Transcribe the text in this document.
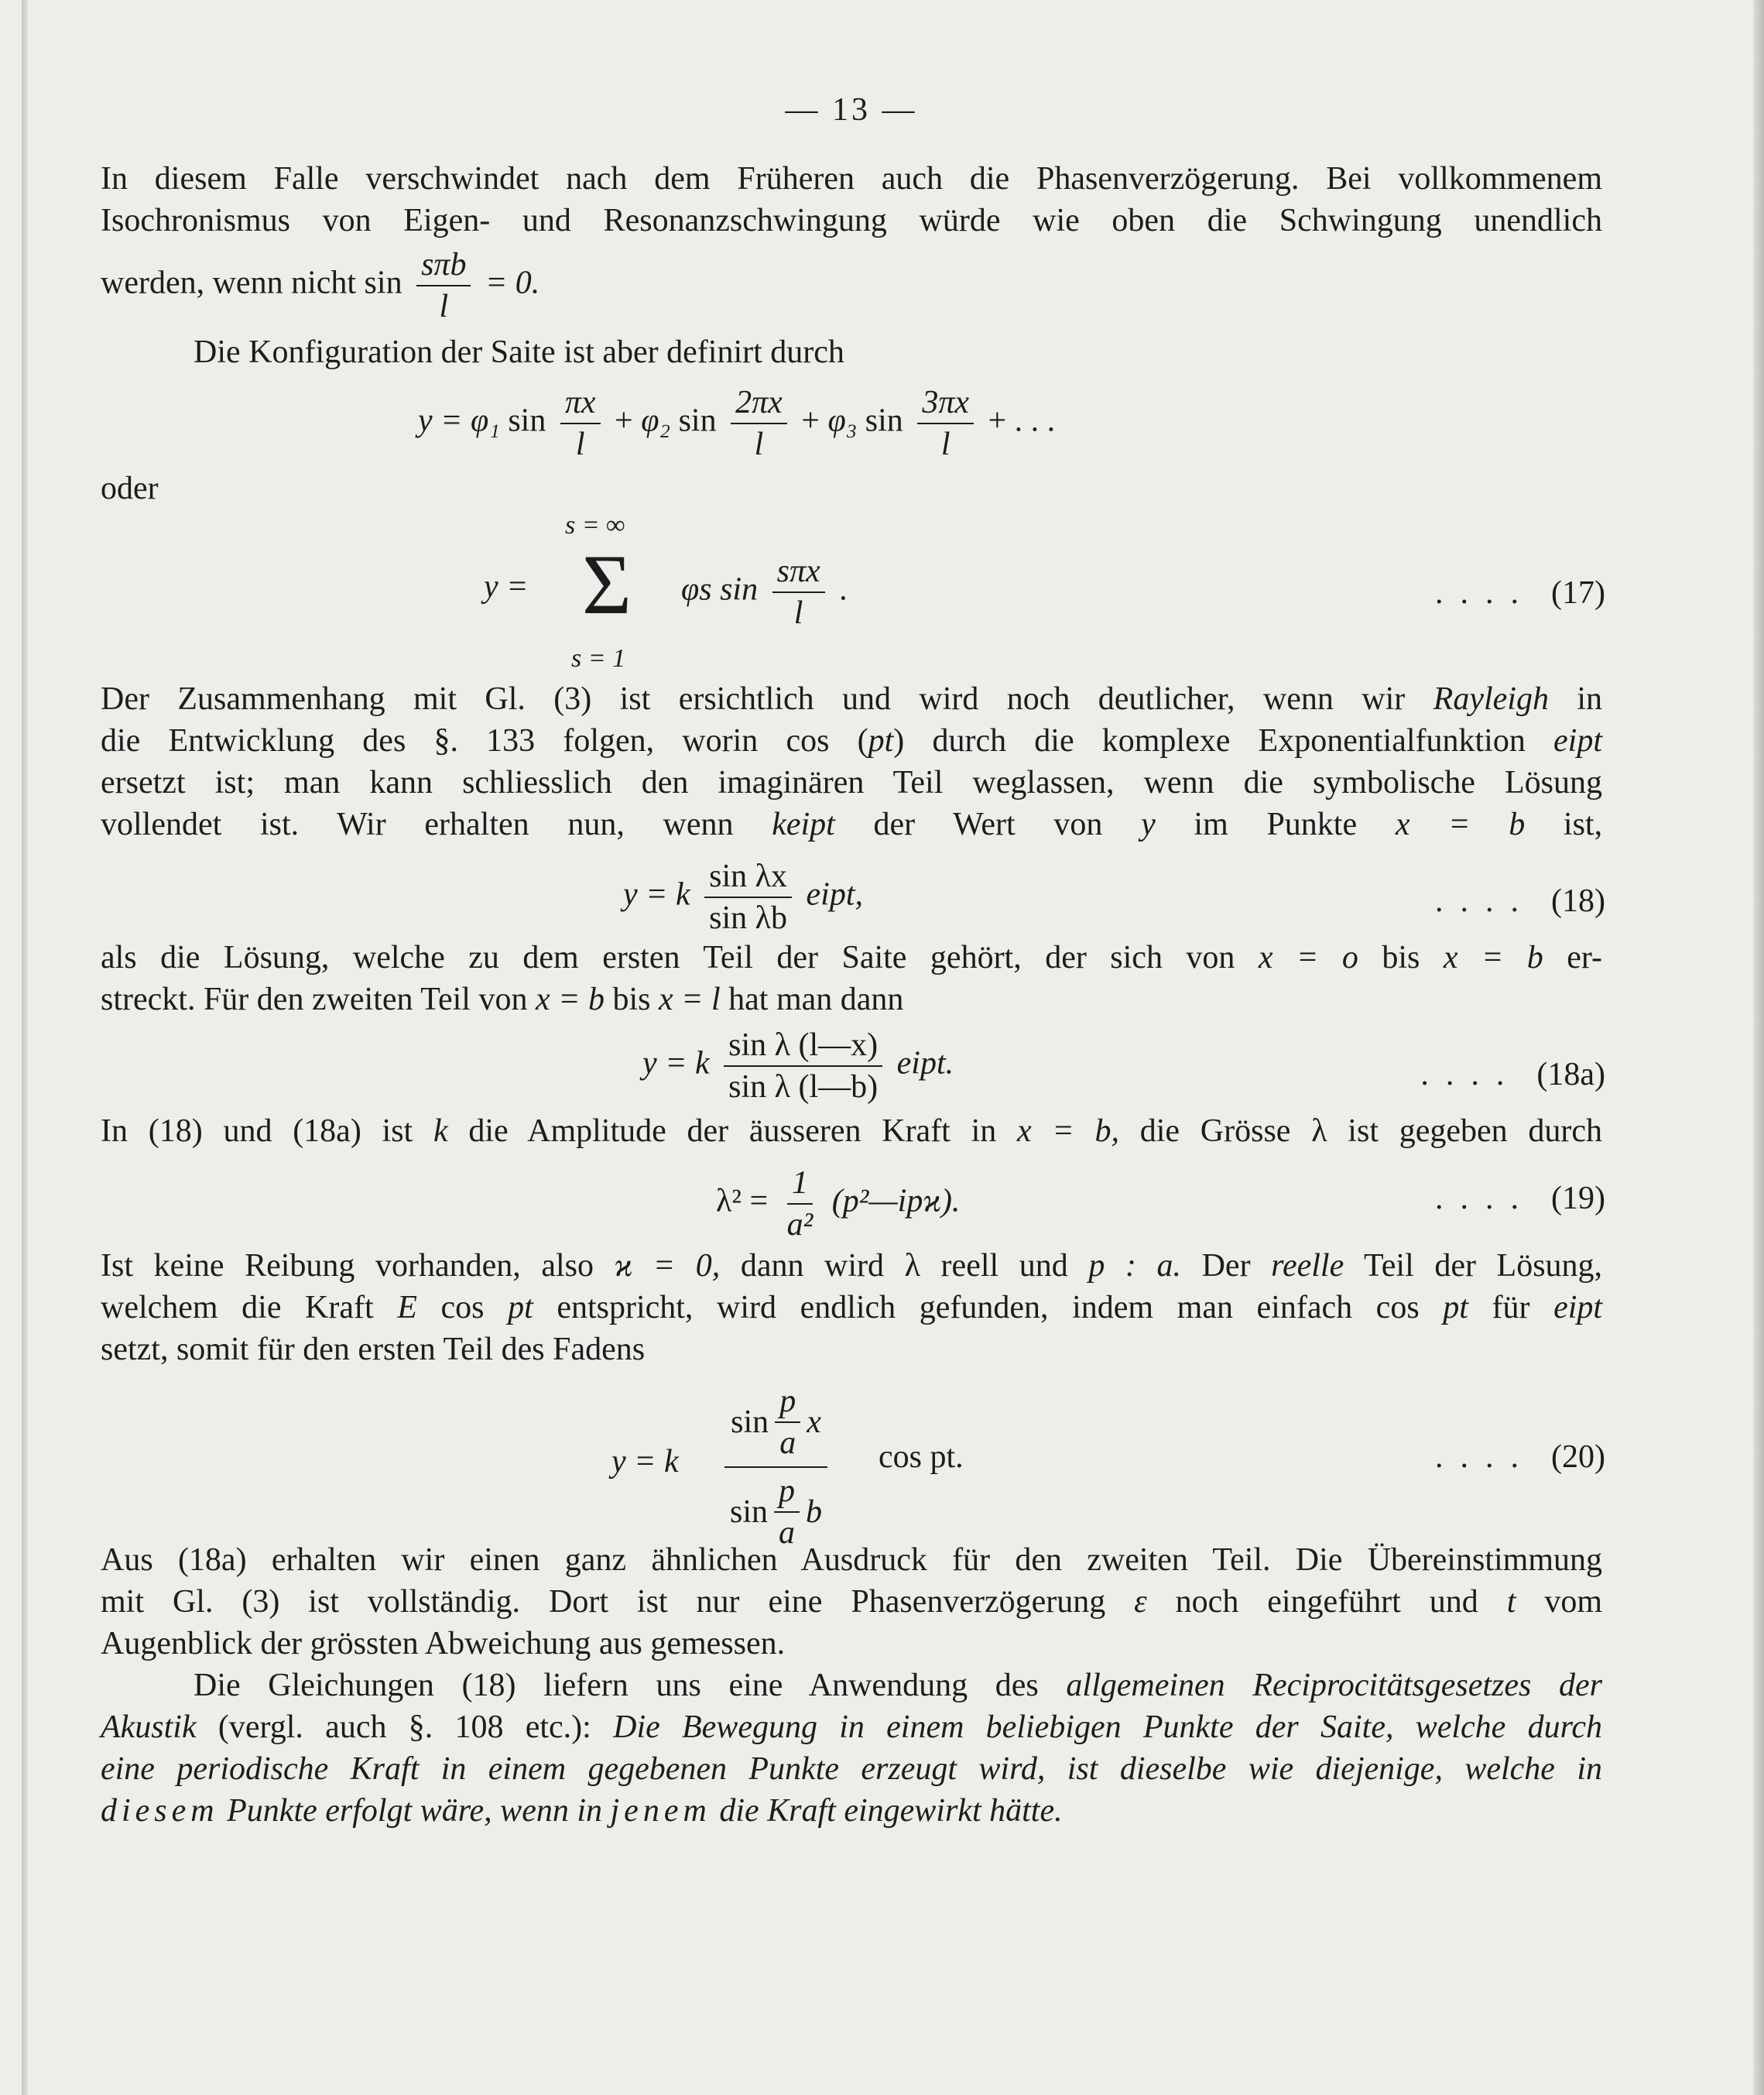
— 13 —
In diesem Falle verschwindet nach dem Früheren auch die Phasenverzögerung. Bei vollkommenem
Isochronismus von Eigen- und Resonanzschwingung würde wie oben die Schwingung unendlich
werden, wenn nicht $\sin \frac{\text{sπb}}{l} = 0$.
Die Konfiguration der Saite ist aber definirt durch
y = φ₁ $\sin \frac{\pi x}{l} + \varphi_2$ $\sin \frac{2\pi x}{l} + \varphi_3$ $\sin \frac{3\pi x}{l}$ + . . .
oder
s = ∞
Σ
s = 1
y =	φs $\sin \frac{\text{sπx}}{l}$ .	.... (17)
Der Zusammenhang mit Gl. (3) ist ersichtlich und wird noch deutlicher, wenn wir Rayleigh in
die Entwicklung des §. 133 folgen, worin cos (pt) durch die komplexe Exponentialfunktion eipt
ersetzt ist; man kann schliesslich den imaginären Teil weglassen, wenn die symbolische Lösung
vollendet ist. Wir erhalten nun, wenn keipt der Wert von y im Punkte x = b ist,
y = k $\frac{\text{sin λx}}{\text{sin λb}}$ eipt,	.... (18)
als die Lösung, welche zu dem ersten Teil der Saite gehört, der sich von x = o bis x = b er-
streckt. Für den zweiten Teil von x = b bis x = l hat man dann
y = k $\frac{\text{sin λ (l—x)}}{\text{sin λ (l—b)}}$ eipt.	.... (18a)
In (18) und (18a) ist k die Amplitude der äusseren Kraft in x = b, die Grösse λ ist gegeben durch
$\lambda^2 = \frac{1}{\text{a²}}$ (p²—ipϰ).	.... (19)
Ist keine Reibung vorhanden, also ϰ = 0, dann wird λ reell und p : a. Der reelle Teil der Lösung,
welchem die Kraft E cos pt entspricht, wird endlich gefunden, indem man einfach cos pt für eipt
setzt, somit für den ersten Teil des Fadens
y = k $\frac{\sin \frac{p}{a} x}{\sin \frac{p}{a} b}$ cos pt.	.... (20)
Aus (18a) erhalten wir einen ganz ähnlichen Ausdruck für den zweiten Teil. Die Übereinstimmung
mit Gl. (3) ist vollständig. Dort ist nur eine Phasenverzögerung ε noch eingeführt und t vom
Augenblick der grössten Abweichung aus gemessen.
Die Gleichungen (18) liefern uns eine Anwendung des allgemeinen Reciprocitätsgesetzes der
Akustik (vergl. auch §. 108 etc.): Die Bewegung in einem beliebigen Punkte der Saite, welche durch
eine periodische Kraft in einem gegebenen Punkte erzeugt wird, ist dieselbe wie diejenige, welche in
diesem Punkte erfolgt wäre, wenn in jenem die Kraft eingewirkt hätte.
